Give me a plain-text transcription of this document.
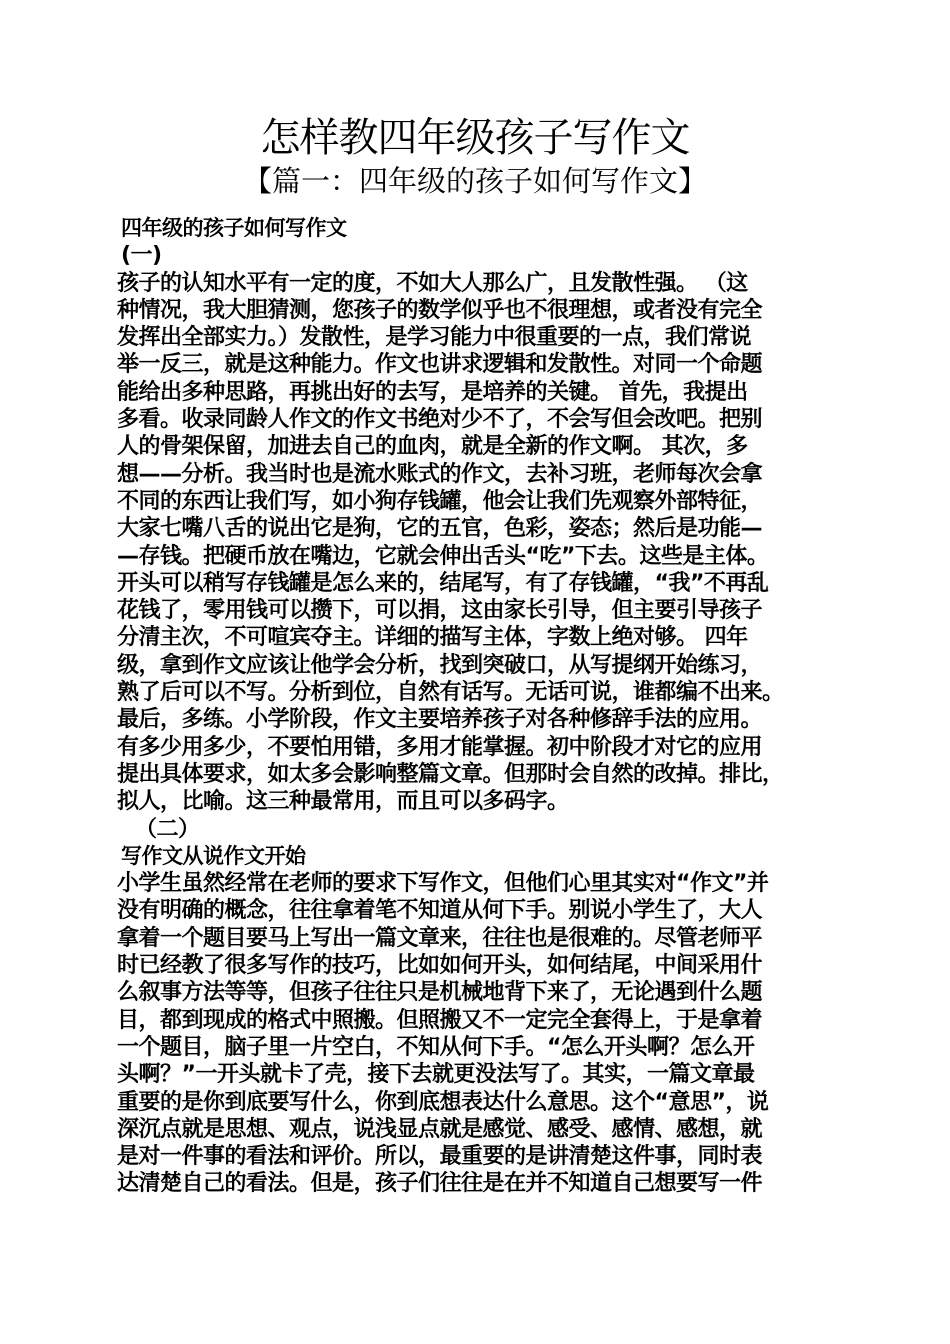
怎样教四年级孩子写作文
【篇一：四年级的孩子如何写作文】
四年级的孩子如何写作文
(一)
孩子的认知水平有一定的度，不如大人那么广，且发散性强。 （这
种情况，我大胆猜测，您孩子的数学似乎也不很理想，或者没有完全
发挥出全部实力。）发散性，是学习能力中很重要的一点，我们常说
举一反三，就是这种能力。作文也讲求逻辑和发散性。对同一个命题
能给出多种思路，再挑出好的去写，是培养的关键。 首先，我提出
多看。收录同龄人作文的作文书绝对少不了，不会写但会改吧。把别
人的骨架保留，加进去自己的血肉，就是全新的作文啊。 其次，多
想——分析。我当时也是流水账式的作文，去补习班，老师每次会拿
不同的东西让我们写，如小狗存钱罐，他会让我们先观察外部特征，
大家七嘴八舌的说出它是狗，它的五官，色彩，姿态；然后是功能—
—存钱。把硬币放在嘴边，它就会伸出舌头“吃”下去。这些是主体。
开头可以稍写存钱罐是怎么来的，结尾写，有了存钱罐，“我”不再乱
花钱了，零用钱可以攒下，可以捐，这由家长引导，但主要引导孩子
分清主次，不可喧宾夺主。详细的描写主体，字数上绝对够。 四年
级，拿到作文应该让他学会分析，找到突破口，从写提纲开始练习，
熟了后可以不写。分析到位，自然有话写。无话可说，谁都编不出来。
最后，多练。小学阶段，作文主要培养孩子对各种修辞手法的应用。
有多少用多少，不要怕用错，多用才能掌握。初中阶段才对它的应用
提出具体要求，如太多会影响整篇文章。但那时会自然的改掉。排比，
拟人，比喻。这三种最常用，而且可以多码字。
（二）
写作文从说作文开始
小学生虽然经常在老师的要求下写作文，但他们心里其实对“作文”并
没有明确的概念，往往拿着笔不知道从何下手。别说小学生了，大人
拿着一个题目要马上写出一篇文章来，往往也是很难的。尽管老师平
时已经教了很多写作的技巧，比如如何开头，如何结尾，中间采用什
么叙事方法等等，但孩子往往只是机械地背下来了，无论遇到什么题
目，都到现成的格式中照搬。但照搬又不一定完全套得上，于是拿着
一个题目，脑子里一片空白，不知从何下手。“怎么开头啊？怎么开
头啊？”一开头就卡了壳，接下去就更没法写了。其实，一篇文章最
重要的是你到底要写什么，你到底想表达什么意思。这个“意思”，说
深沉点就是思想、观点，说浅显点就是感觉、感受、感情、感想，就
是对一件事的看法和评价。所以，最重要的是讲清楚这件事，同时表
达清楚自己的看法。但是，孩子们往往是在并不知道自己想要写一件
